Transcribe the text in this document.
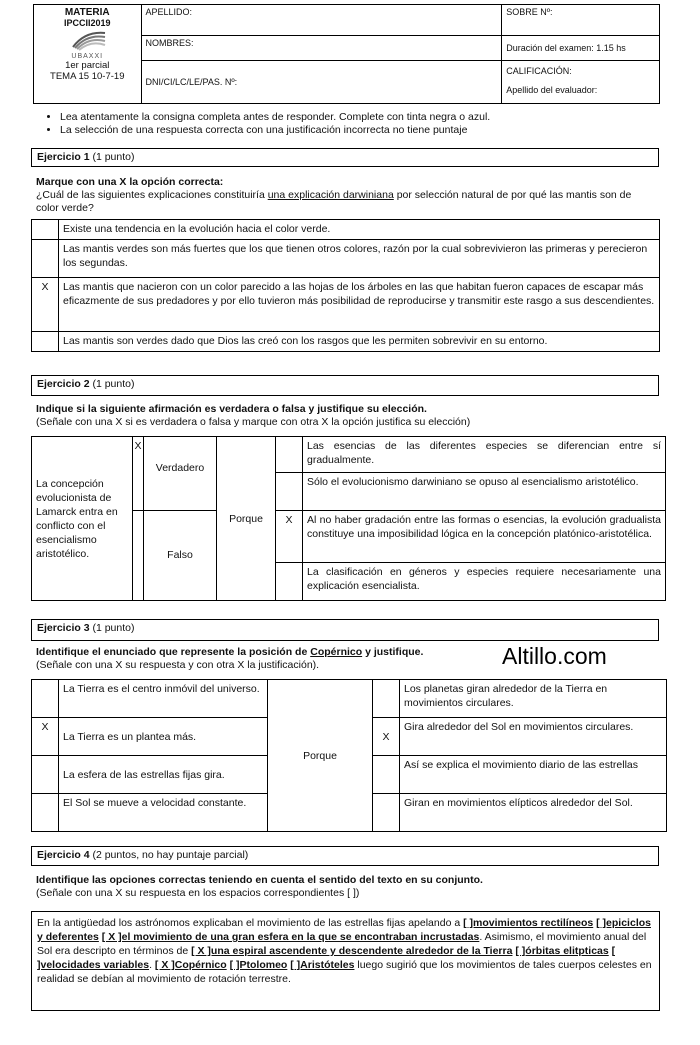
MATERIA
IPCCII2019
UBAXXI
1er parcial
TEMA 15 10-7-19	APELLIDO:	SOBRE Nº:
	NOMBRES:	Duración del examen: 1.15 hs
	DNI/CI/LC/LE/PAS. Nº:	CALIFICACIÓN:
Apellido del evaluador:
• Lea atentamente la consigna completa antes de responder. Complete con tinta negra o azul.
• La selección de una respuesta correcta con una justificación incorrecta no tiene puntaje
Ejercicio 1 (1 punto)
Marque con una X la opción correcta:
¿Cuál de las siguientes explicaciones constituiría una explicación darwiniana por selección natural de por qué las mantis son de color verde?
	Existe una tendencia en la evolución hacia el color verde.
	Las mantis verdes son más fuertes que los que tienen otros colores, razón por la cual sobrevivieron las primeras y perecieron los segundas.
X	Las mantis que nacieron con un color parecido a las hojas de los árboles en las que habitan fueron capaces de escapar más eficazmente de sus predadores y por ello tuvieron más posibilidad de reproducirse y transmitir este rasgo a sus descendientes.
	Las mantis son verdes dado que Dios las creó con los rasgos que les permiten sobrevivir en su entorno.
Ejercicio 2 (1 punto)
Indique si la siguiente afirmación es verdadera o falsa y justifique su elección.
(Señale con una X si es verdadera o falsa y marque con otra X la opción justifica su elección)
La concepción evolucionista de Lamarck entra en conflicto con el esencialismo aristotélico.	X	Verdadero	Porque		Las esencias de las diferentes especies se diferencian entre sí gradualmente.
					Sólo el evolucionismo darwiniano se opuso al esencialismo aristotélico.
		Falso		X	Al no haber gradación entre las formas o esencias, la evolución gradualista constituye una imposibilidad lógica en la concepción platónico-aristotélica.
					La clasificación en géneros y especies requiere necesariamente una explicación esencialista.
Ejercicio 3 (1 punto)
Identifique el enunciado que represente la posición de Copérnico y justifique.
(Señale con una X su respuesta y con otra X la justificación).	Altillo.com
	La Tierra es el centro inmóvil del universo.	Porque		Los planetas giran alrededor de la Tierra en movimientos circulares.
X	La Tierra es un plantea más.		X	Gira alrededor del Sol en movimientos circulares.
	La esfera de las estrellas fijas gira.			Así se explica el movimiento diario de las estrellas
	El Sol se mueve a velocidad constante.			Giran en movimientos elípticos alrededor del Sol.
Ejercicio 4 (2 puntos, no hay puntaje parcial)
Identifique las opciones correctas teniendo en cuenta el sentido del texto en su conjunto.
(Señale con una X su respuesta en los espacios correspondientes [ ])
En la antigüedad los astrónomos explicaban el movimiento de las estrellas fijas apelando a [ ]movimientos rectilíneos [ ]epiciclos y deferentes [ X ]el movimiento de una gran esfera en la que se encontraban incrustadas. Asimismo, el movimiento anual del Sol era descripto en términos de [ X ]una espiral ascendente y descendente alrededor de la Tierra [ ]órbitas elitpticas [ ]velocidades variables. [ X ]Copérnico [ ]Ptolomeo [ ]Aristóteles luego sugirió que los movimientos de tales cuerpos celestes en realidad se debían al movimiento de rotación terrestre.
